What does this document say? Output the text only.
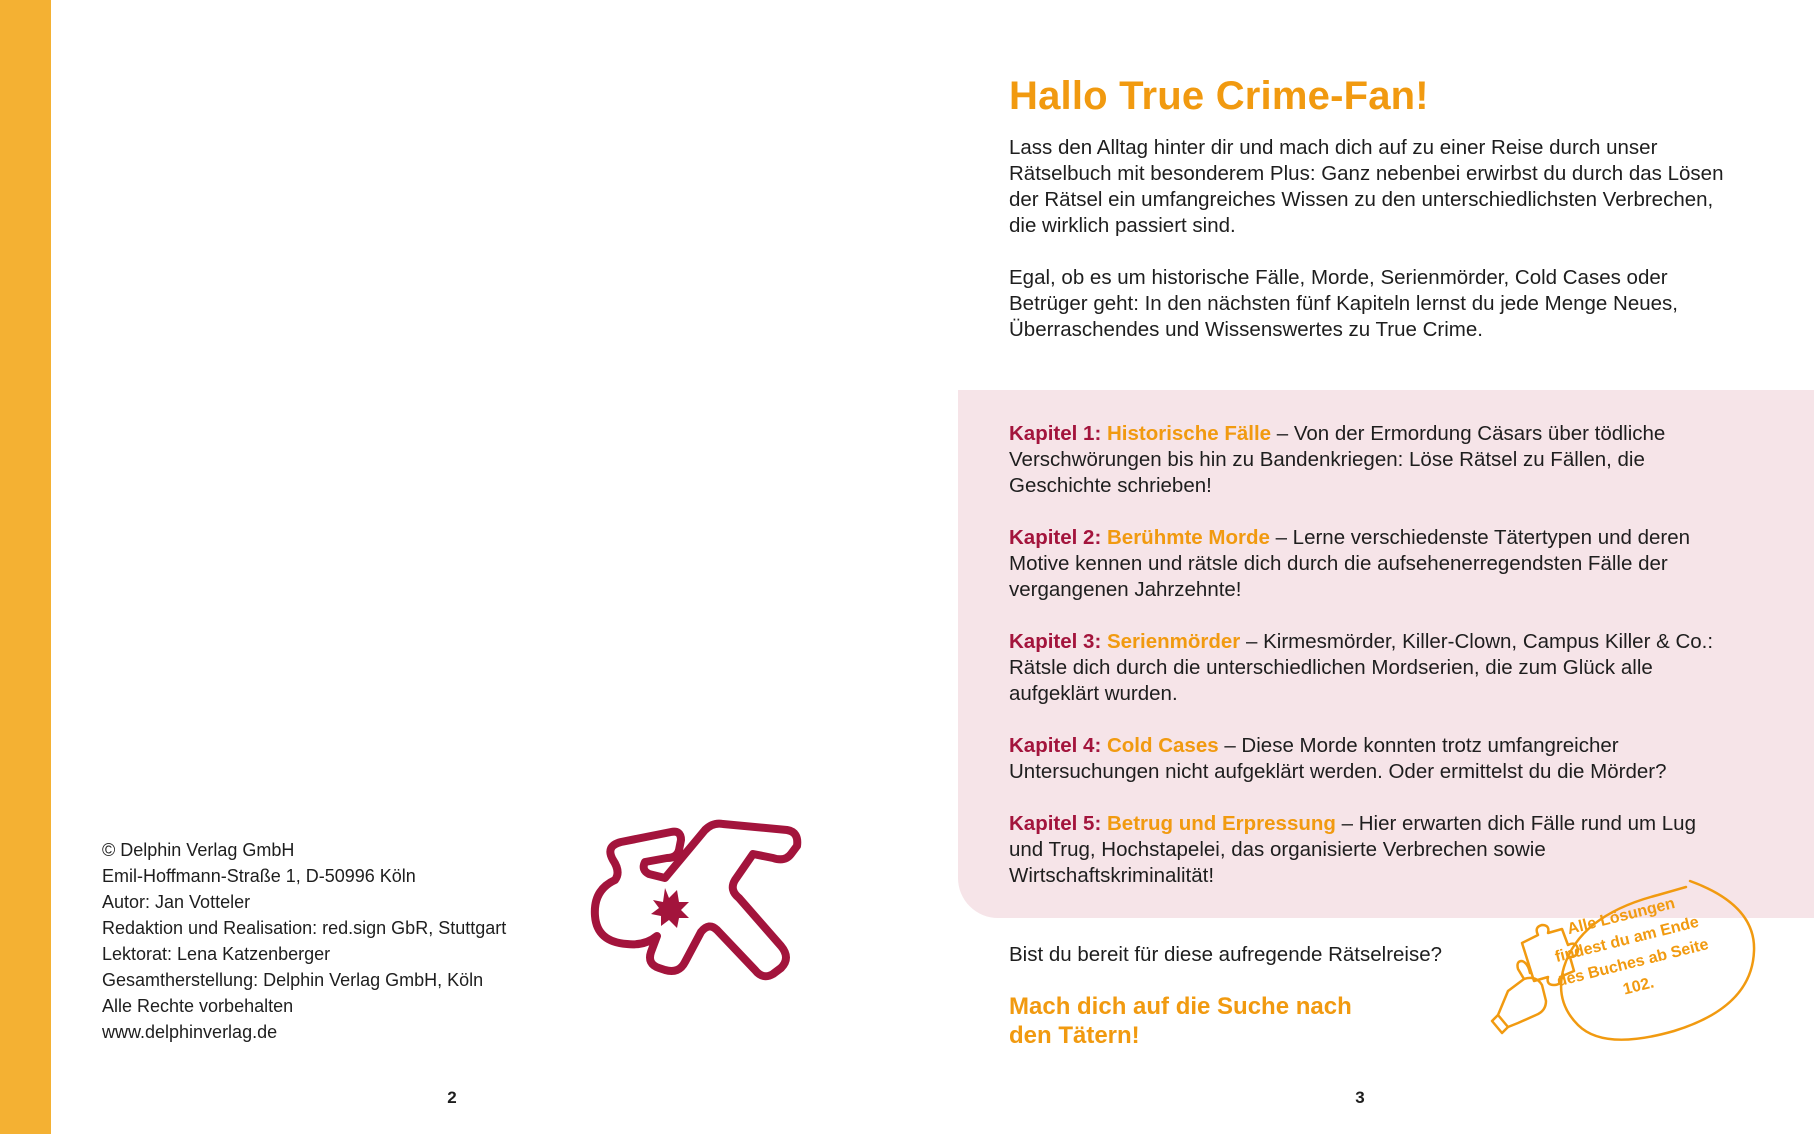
© Delphin Verlag GmbH
Emil-Hoffmann-Straße 1, D-50996 Köln
Autor: Jan Votteler
Redaktion und Realisation: red.sign GbR, Stuttgart
Lektorat: Lena Katzenberger
Gesamtherstellung: Delphin Verlag GmbH, Köln
Alle Rechte vorbehalten
www.delphinverlag.de
2
Hallo True Crime-Fan!

Lass den Alltag hinter dir und mach dich auf zu einer Reise durch unser Rätselbuch mit besonderem Plus: Ganz nebenbei erwirbst du durch das Lösen der Rätsel ein umfangreiches Wissen zu den unterschiedlichsten Verbrechen, die wirklich passiert sind.

Egal, ob es um historische Fälle, Morde, Serienmörder, Cold Cases oder Betrüger geht: In den nächsten fünf Kapiteln lernst du jede Menge Neues, Überraschendes und Wissenswertes zu True Crime.

Kapitel 1: Historische Fälle – Von der Ermordung Cäsars über tödliche Verschwörungen bis hin zu Bandenkriegen: Löse Rätsel zu Fällen, die Geschichte schrieben!

Kapitel 2: Berühmte Morde – Lerne verschiedenste Tätertypen und deren Motive kennen und rätsle dich durch die aufsehenerregendsten Fälle der vergangenen Jahrzehnte!

Kapitel 3: Serienmörder – Kirmesmörder, Killer-Clown, Campus Killer & Co.: Rätsle dich durch die unterschiedlichen Mordserien, die zum Glück alle aufgeklärt wurden.

Kapitel 4: Cold Cases – Diese Morde konnten trotz umfangreicher Untersuchungen nicht aufgeklärt werden. Oder ermittelst du die Mörder?

Kapitel 5: Betrug und Erpressung – Hier erwarten dich Fälle rund um Lug und Trug, Hochstapelei, das organisierte Verbrechen sowie Wirtschaftskriminalität!

Bist du bereit für diese aufregende Rätselreise?
Mach dich auf die Suche nach den Tätern!
Alle Lösungen findest du am Ende des Buches ab Seite 102.
3
